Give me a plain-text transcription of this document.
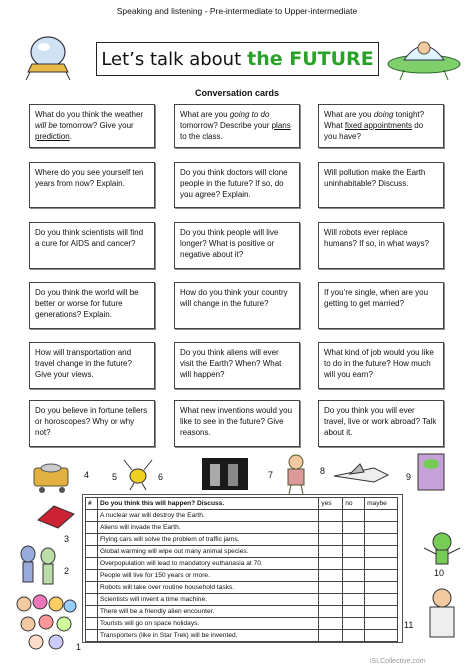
Speaking and listening - Pre-intermediate to Upper-intermediate
Let’s talk about the FUTURE
Conversation cards
What do you think the weather will be tomorrow? Give your prediction.
What are you going to do tomorrow? Describe your plans to the class.
What are you doing tonight? What fixed appointments do you have?
Where do you see yourself ten years from now? Explain.
Do you think doctors will clone people in the future? If so, do you agree? Explain.
Will pollution make the Earth uninhabitable? Discuss.
Do you think scientists will find a cure for AIDS and cancer?
Do you think people will live longer? What is positive or negative about it?
Will robots ever replace humans? If so, in what ways?
Do you think the world will be better or worse for future generations? Explain.
How do you think your country will change in the future?
If you’re single, when are you getting to get married?
How will transportation and travel change in the future? Give your views.
Do you think aliens will ever visit the Earth? When? What will happen?
What kind of job would you like to do in the future? How much will you earn?
Do you believe in fortune tellers or horoscopes? Why or why not?
What new inventions would you like to see in the future? Give reasons.
Do you think you will ever travel, live or work abroad? Talk about it.
4	5	6	7	8
9
3
2
1
10
11
#	Do you think this will happen? Discuss.	yes	no	maybe
	A nuclear war will destroy the Earth.			
	Aliens will invade the Earth.			
	Flying cars will solve the problem of traffic jams.			
	Global warming will wipe out many animal species.			
	Overpopulation will lead to mandatory euthanasia at 70.			
	People will live for 150 years or more.			
	Robots will take over routine household tasks.			
	Scientists will invent a time machine.			
	There will be a friendly alien encounter.			
	Tourists will go on space holidays.			
	Transporters (like in Star Trek) will be invented.			
iSLCollective.com
